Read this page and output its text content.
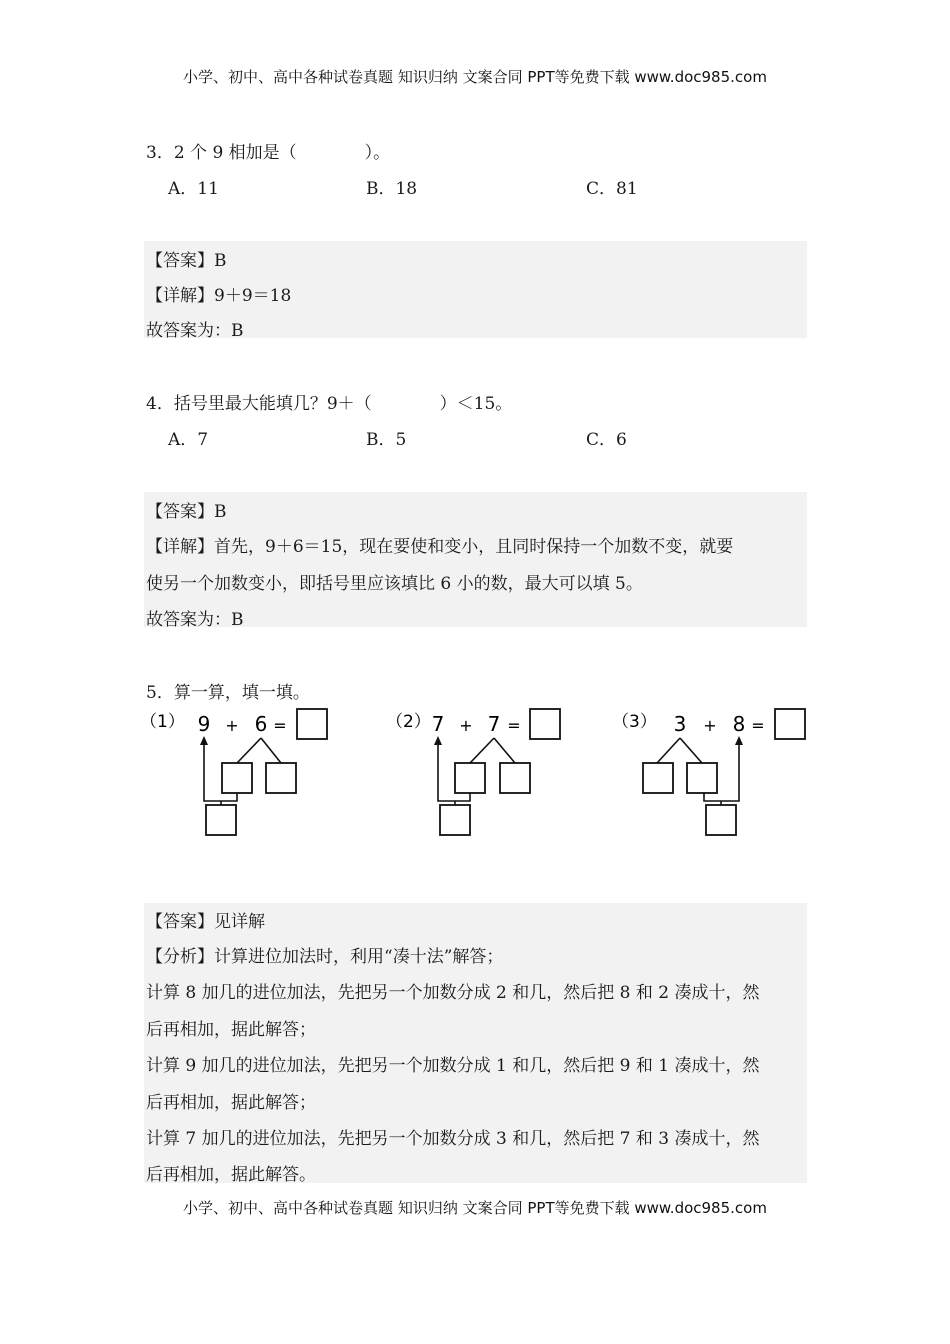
小学、初中、高中各种试卷真题 知识归纳 文案合同 PPT等免费下载 www.doc985.com
3．2 个 9 相加是（　　　　）。
A．11	B．18	C．81
【答案】B
【详解】9＋9＝18
故答案为：B
4．括号里最大能填几？9＋（　　　　）＜15。
A．7	B．5	C．6
【答案】B
【详解】首先，9＋6＝15，现在要使和变小，且同时保持一个加数不变，就要
使另一个加数变小，即括号里应该填比 6 小的数，最大可以填 5。
故答案为：B
5．算一算，填一填。
（1） 9 + 6 =	（2） 7 + 7 =	（3） 3 + 8 =
【答案】见详解
【分析】计算进位加法时，利用“凑十法”解答；
计算 8 加几的进位加法，先把另一个加数分成 2 和几，然后把 8 和 2 凑成十，然
后再相加，据此解答；
计算 9 加几的进位加法，先把另一个加数分成 1 和几，然后把 9 和 1 凑成十，然
后再相加，据此解答；
计算 7 加几的进位加法，先把另一个加数分成 3 和几，然后把 7 和 3 凑成十，然
后再相加，据此解答。
小学、初中、高中各种试卷真题 知识归纳 文案合同 PPT等免费下载 www.doc985.com
